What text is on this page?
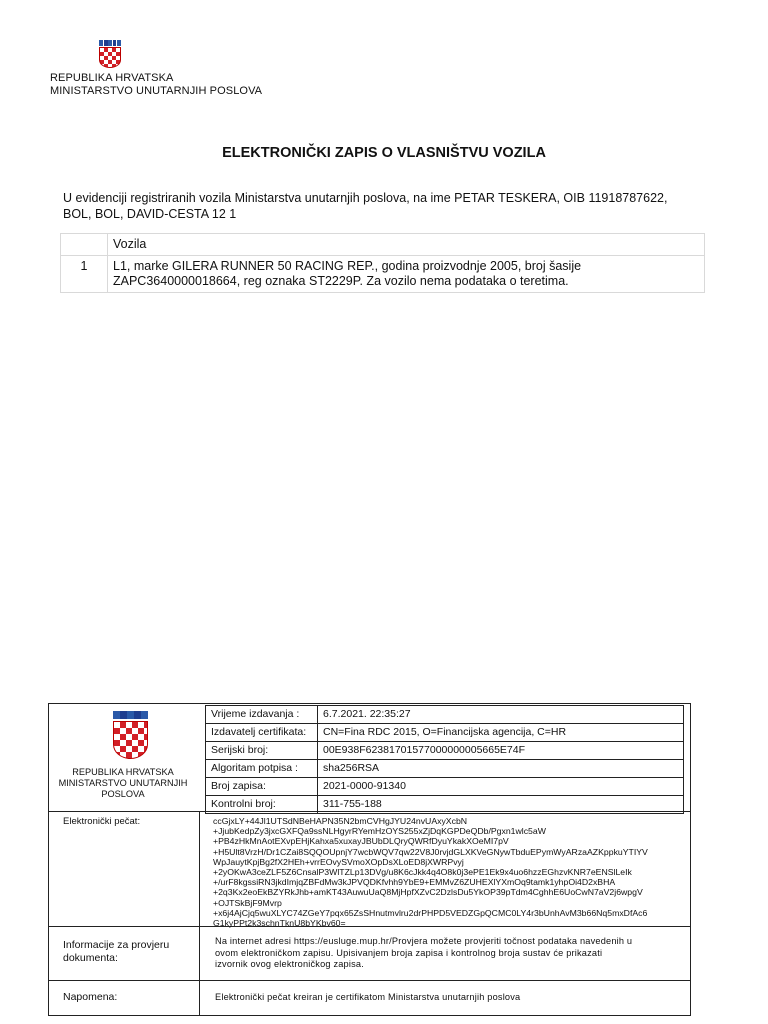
REPUBLIKA HRVATSKA
MINISTARSTVO UNUTARNJIH POSLOVA
ELEKTRONIČKI ZAPIS O VLASNIŠTVU VOZILA
U evidenciji registriranih vozila Ministarstva unutarnjih poslova, na ime PETAR TESKERA, OIB 11918787622,
BOL, BOL, DAVID-CESTA 12 1
	Vozila
1	L1, marke GILERA RUNNER 50 RACING REP., godina proizvodnje 2005, broj šasije
ZAPC3640000018664, reg oznaka ST2229P. Za vozilo nema podataka o teretima.
REPUBLIKA HRVATSKA
MINISTARSTVO UNUTARNJIH
POSLOVA
Vrijeme izdavanja :	6.7.2021. 22:35:27
Izdavatelj certifikata:	CN=Fina RDC 2015, O=Financijska agencija, C=HR
Serijski broj:	00E938F62381701577000000005665E74F
Algoritam potpisa :	sha256RSA
Broj zapisa:	2021-0000-91340
Kontrolni broj:	311-755-188
Elektronički pečat:	ccGjxLY+44Jl1UTSdNBeHAPN35N2bmCVHgJYU24nvUAxyXcbN
+JjubKedpZy3jxcGXFQa9ssNLHgyrRYemHzOYS255xZjDqKGPDeQDb/Pgxn1wlc5aW
+PB4zHkMnAotEXvpEHjKahxa5xuxayJBUbDLQryQWRfDyuYkakXOeMI7pV
+H5Ult8VrzH/Dr1CZai8SQQOUpnjY7wcbWQV7qw22V8J0rvjdGLXKVeGNywTbduEPymWyARzaAZKppkuYTIYV
WpJauytKpjBg2fX2HEh+vrrEOvySVmoXOpDsXLoED8jXWRPvyj
+2yOKwA3ceZLF5Z6CnsalP3WlTZLp13DVg/u8K6cJkk4q4O8k0j3ePE1Ek9x4uo6hzzEGhzvKNR7eENSlLeIk
+/urF8kgssiRN3jkdImjqZBFdMw3kJPVQDKfvhh9YbE9+EMMvZ6ZUHEXlYXmOq9tamk1yhpOi4D2xBHA
+2q3Kx2eoEkBZYRkJhb+amKT43AuwuUaQ8MjHpfXZvC2DzlsDu5YkOP39pTdm4CghhE6UoCwN7aV2j6wpgV
+OJTSkBjF9Mvrp
+x6j4AjCjq5wuXLYC74ZGeY7pqx65ZsSHnutmvlru2drPHPD5VEDZGpQCMC0LY4r3bUnhAvM3b66Nq5mxDfAc6
G1kyPPt2k3schnTknU8bYKbv60=
Informacije za provjeru
dokumenta:
Na internet adresi https://eusluge.mup.hr/Provjera možete provjeriti točnost podataka navedenih u
ovom elektroničkom zapisu. Upisivanjem broja zapisa i kontrolnog broja sustav će prikazati
izvornik ovog elektroničkog zapisa.
Napomena:	Elektronički pečat kreiran je certifikatom Ministarstva unutarnjih poslova
